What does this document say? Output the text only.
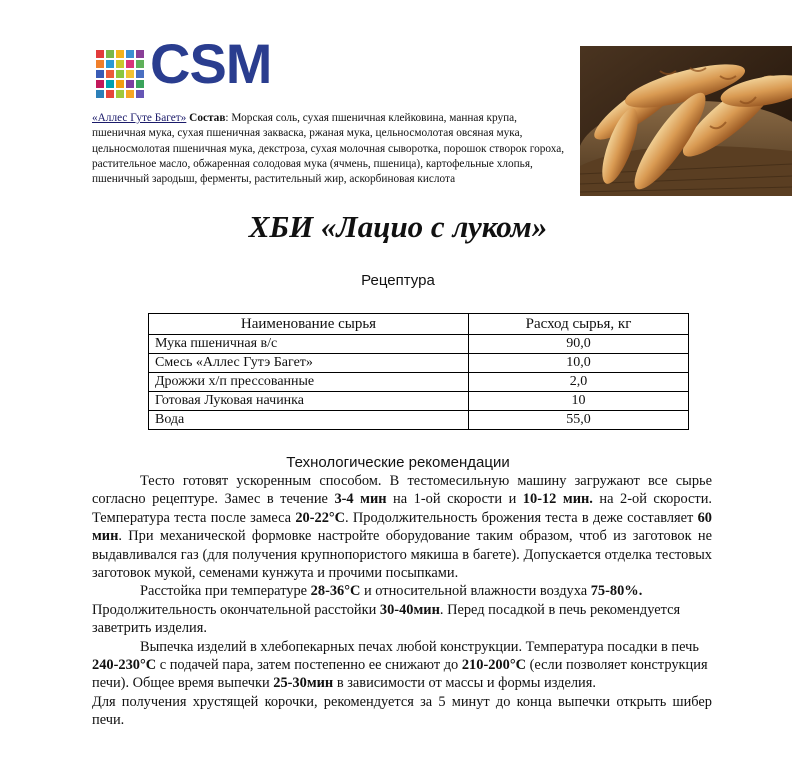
CSM

«Аллес Гуте Багет» Состав: Морская соль, сухая пшеничная клейковина, манная крупа, пшеничная мука, сухая пшеничная закваска, ржаная мука, цельносмолотая овсяная мука, цельносмолотая пшеничная мука, декстроза, сухая молочная сыворотка, порошок створок гороха, растительное масло, обжаренная солодовая мука (ячмень, пшеница), картофельные хлопья, пшеничный зародыш, ферменты, растительный жир, аскорбиновая кислота

ХБИ «Лацио с луком»

Рецептура

Наименование сырья	Расход сырья, кг
Мука пшеничная в/с	90,0
Смесь «Аллес Гутэ Багет»	10,0
Дрожжи х/п прессованные	2,0
Готовая Луковая начинка	10
Вода	55,0

Технологические рекомендации

Тесто готовят ускоренным способом. В тестомесильную машину загружают все сырье согласно рецептуре. Замес в течение 3-4 мин на 1-ой скорости и 10-12 мин. на 2-ой скорости. Температура теста после замеса 20-22°С. Продолжительность брожения теста в деже составляет 60 мин. При механической формовке настройте оборудование таким образом, чтоб из заготовок не выдавливался газ (для получения крупнопористого мякиша в багете). Допускается отделка тестовых заготовок мукой, семенами кунжута и прочими посыпками.

Расстойка при температуре 28-36°С и относительной влажности воздуха 75-80%. Продолжительность окончательной расстойки 30-40мин. Перед посадкой в печь рекомендуется заветрить изделия.

Выпечка изделий в хлебопекарных печах любой конструкции. Температура посадки в печь 240-230°С с подачей пара, затем постепенно ее снижают до 210-200°С (если позволяет конструкция печи). Общее время выпечки 25-30мин в зависимости от массы и формы изделия.

Для получения хрустящей корочки, рекомендуется за 5 минут до конца выпечки открыть шибер печи.
